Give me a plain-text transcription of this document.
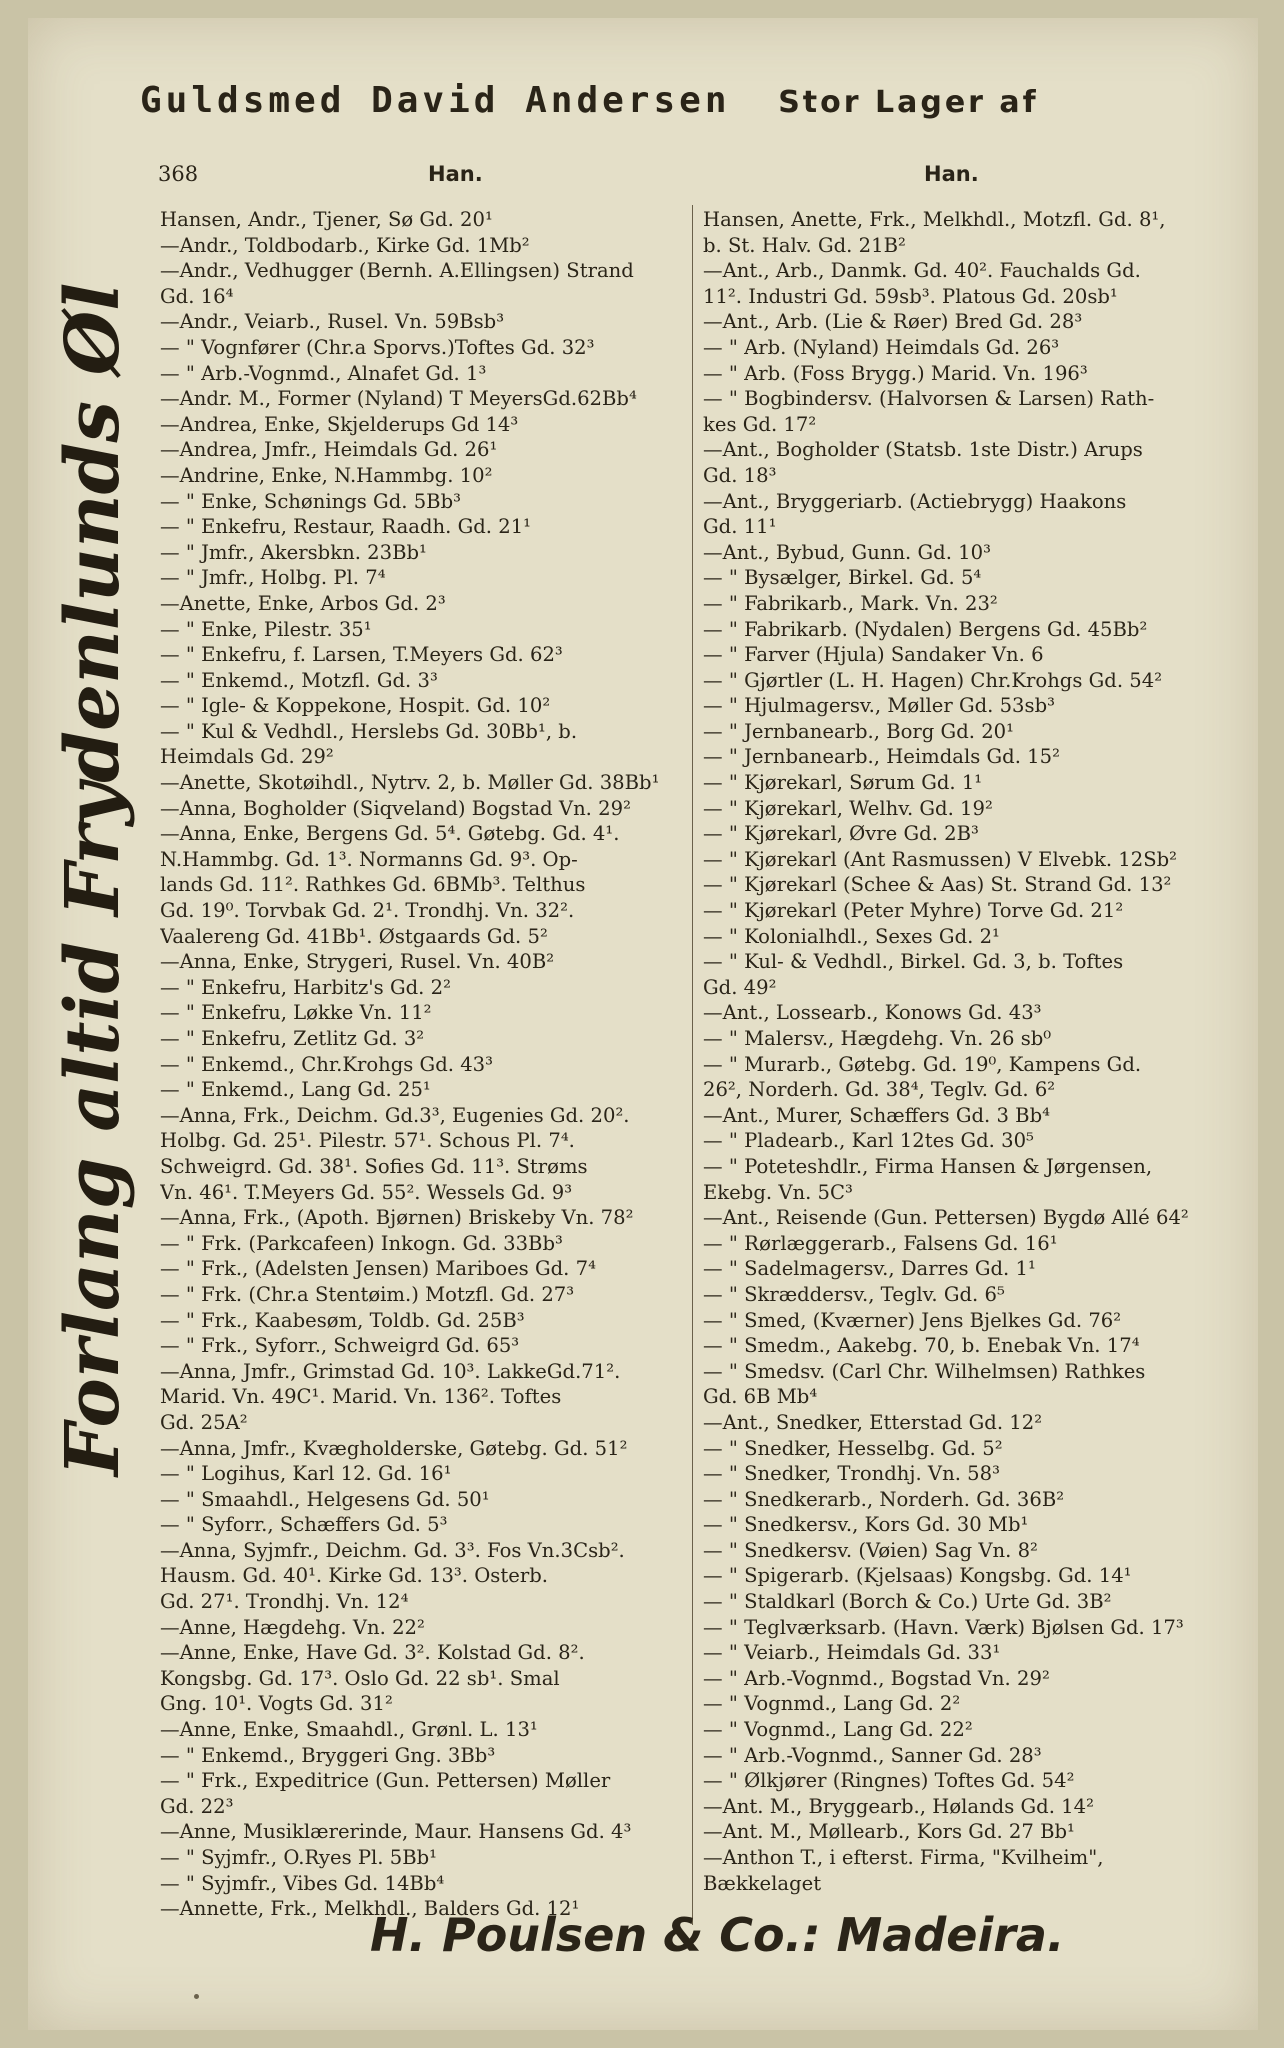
Guldsmed David Andersen Stor Lager af
368	Han.	Han.
Forlang altid Frydenlunds Øl
Hansen, Andr., Tjener, Sø Gd. 20¹
—Andr., Toldbodarb., Kirke Gd. 1Mb²
—Andr., Vedhugger (Bernh. A.Ellingsen) Strand
Gd. 16⁴
—Andr., Veiarb., Rusel. Vn. 59Bsb³
— " Vognfører (Chr.a Sporvs.)Toftes Gd. 32³
— " Arb.-Vognmd., Alnafet Gd. 1³
—Andr. M., Former (Nyland) T MeyersGd.62Bb⁴
—Andrea, Enke, Skjelderups Gd 14³
—Andrea, Jmfr., Heimdals Gd. 26¹
—Andrine, Enke, N.Hammbg. 10²
— " Enke, Schønings Gd. 5Bb³
— " Enkefru, Restaur, Raadh. Gd. 21¹
— " Jmfr., Akersbkn. 23Bb¹
— " Jmfr., Holbg. Pl. 7⁴
—Anette, Enke, Arbos Gd. 2³
— " Enke, Pilestr. 35¹
— " Enkefru, f. Larsen, T.Meyers Gd. 62³
— " Enkemd., Motzfl. Gd. 3³
— " Igle- & Koppekone, Hospit. Gd. 10²
— " Kul & Vedhdl., Herslebs Gd. 30Bb¹, b.
Heimdals Gd. 29²
—Anette, Skotøihdl., Nytrv. 2, b. Møller Gd. 38Bb¹
—Anna, Bogholder (Siqveland) Bogstad Vn. 29²
—Anna, Enke, Bergens Gd. 5⁴. Gøtebg. Gd. 4¹.
N.Hammbg. Gd. 1³. Normanns Gd. 9³. Op-
lands Gd. 11². Rathkes Gd. 6BMb³. Telthus
Gd. 19⁰. Torvbak Gd. 2¹. Trondhj. Vn. 32².
Vaalereng Gd. 41Bb¹. Østgaards Gd. 5²
—Anna, Enke, Strygeri, Rusel. Vn. 40B²
— " Enkefru, Harbitz's Gd. 2²
— " Enkefru, Løkke Vn. 11²
— " Enkefru, Zetlitz Gd. 3²
— " Enkemd., Chr.Krohgs Gd. 43³
— " Enkemd., Lang Gd. 25¹
—Anna, Frk., Deichm. Gd.3³, Eugenies Gd. 20².
Holbg. Gd. 25¹. Pilestr. 57¹. Schous Pl. 7⁴.
Schweigrd. Gd. 38¹. Sofies Gd. 11³. Strøms
Vn. 46¹. T.Meyers Gd. 55². Wessels Gd. 9³
—Anna, Frk., (Apoth. Bjørnen) Briskeby Vn. 78²
— " Frk. (Parkcafeen) Inkogn. Gd. 33Bb³
— " Frk., (Adelsten Jensen) Mariboes Gd. 7⁴
— " Frk. (Chr.a Stentøim.) Motzfl. Gd. 27³
— " Frk., Kaabesøm, Toldb. Gd. 25B³
— " Frk., Syforr., Schweigrd Gd. 65³
—Anna, Jmfr., Grimstad Gd. 10³. LakkeGd.71².
Marid. Vn. 49C¹. Marid. Vn. 136². Toftes
Gd. 25A²
—Anna, Jmfr., Kvægholderske, Gøtebg. Gd. 51²
— " Logihus, Karl 12. Gd. 16¹
— " Smaahdl., Helgesens Gd. 50¹
— " Syforr., Schæffers Gd. 5³
—Anna, Syjmfr., Deichm. Gd. 3³. Fos Vn.3Csb².
Hausm. Gd. 40¹. Kirke Gd. 13³. Osterb.
Gd. 27¹. Trondhj. Vn. 12⁴
—Anne, Hægdehg. Vn. 22²
—Anne, Enke, Have Gd. 3². Kolstad Gd. 8².
Kongsbg. Gd. 17³. Oslo Gd. 22 sb¹. Smal
Gng. 10¹. Vogts Gd. 31²
—Anne, Enke, Smaahdl., Grønl. L. 13¹
— " Enkemd., Bryggeri Gng. 3Bb³
— " Frk., Expeditrice (Gun. Pettersen) Møller
Gd. 22³
—Anne, Musiklærerinde, Maur. Hansens Gd. 4³
— " Syjmfr., O.Ryes Pl. 5Bb¹
— " Syjmfr., Vibes Gd. 14Bb⁴
—Annette, Frk., Melkhdl., Balders Gd. 12¹
Hansen, Anette, Frk., Melkhdl., Motzfl. Gd. 8¹,
b. St. Halv. Gd. 21B²
—Ant., Arb., Danmk. Gd. 40². Fauchalds Gd.
11². Industri Gd. 59sb³. Platous Gd. 20sb¹
—Ant., Arb. (Lie & Røer) Bred Gd. 28³
— " Arb. (Nyland) Heimdals Gd. 26³
— " Arb. (Foss Brygg.) Marid. Vn. 196³
— " Bogbindersv. (Halvorsen & Larsen) Rath-
kes Gd. 17²
—Ant., Bogholder (Statsb. 1ste Distr.) Arups
Gd. 18³
—Ant., Bryggeriarb. (Actiebrygg) Haakons
Gd. 11¹
—Ant., Bybud, Gunn. Gd. 10³
— " Bysælger, Birkel. Gd. 5⁴
— " Fabrikarb., Mark. Vn. 23²
— " Fabrikarb. (Nydalen) Bergens Gd. 45Bb²
— " Farver (Hjula) Sandaker Vn. 6
— " Gjørtler (L. H. Hagen) Chr.Krohgs Gd. 54²
— " Hjulmagersv., Møller Gd. 53sb³
— " Jernbanearb., Borg Gd. 20¹
— " Jernbanearb., Heimdals Gd. 15²
— " Kjørekarl, Sørum Gd. 1¹
— " Kjørekarl, Welhv. Gd. 19²
— " Kjørekarl, Øvre Gd. 2B³
— " Kjørekarl (Ant Rasmussen) V Elvebk. 12Sb²
— " Kjørekarl (Schee & Aas) St. Strand Gd. 13²
— " Kjørekarl (Peter Myhre) Torve Gd. 21²
— " Kolonialhdl., Sexes Gd. 2¹
— " Kul- & Vedhdl., Birkel. Gd. 3, b. Toftes
Gd. 49²
—Ant., Lossearb., Konows Gd. 43³
— " Malersv., Hægdehg. Vn. 26 sb⁰
— " Murarb., Gøtebg. Gd. 19⁰, Kampens Gd.
26², Norderh. Gd. 38⁴, Teglv. Gd. 6²
—Ant., Murer, Schæffers Gd. 3 Bb⁴
— " Pladearb., Karl 12tes Gd. 30⁵
— " Poteteshdlr., Firma Hansen & Jørgensen,
Ekebg. Vn. 5C³
—Ant., Reisende (Gun. Pettersen) Bygdø Allé 64²
— " Rørlæggerarb., Falsens Gd. 16¹
— " Sadelmagersv., Darres Gd. 1¹
— " Skræddersv., Teglv. Gd. 6⁵
— " Smed, (Kværner) Jens Bjelkes Gd. 76²
— " Smedm., Aakebg. 70, b. Enebak Vn. 17⁴
— " Smedsv. (Carl Chr. Wilhelmsen) Rathkes
Gd. 6B Mb⁴
—Ant., Snedker, Etterstad Gd. 12²
— " Snedker, Hesselbg. Gd. 5²
— " Snedker, Trondhj. Vn. 58³
— " Snedkerarb., Norderh. Gd. 36B²
— " Snedkersv., Kors Gd. 30 Mb¹
— " Snedkersv. (Vøien) Sag Vn. 8²
— " Spigerarb. (Kjelsaas) Kongsbg. Gd. 14¹
— " Staldkarl (Borch & Co.) Urte Gd. 3B²
— " Teglværksarb. (Havn. Værk) Bjølsen Gd. 17³
— " Veiarb., Heimdals Gd. 33¹
— " Arb.-Vognmd., Bogstad Vn. 29²
— " Vognmd., Lang Gd. 2²
— " Vognmd., Lang Gd. 22²
— " Arb.-Vognmd., Sanner Gd. 28³
— " Ølkjører (Ringnes) Toftes Gd. 54²
—Ant. M., Bryggearb., Hølands Gd. 14²
—Ant. M., Møllearb., Kors Gd. 27 Bb¹
—Anthon T., i efterst. Firma, "Kvilheim",
Bækkelaget
H. Poulsen & Co.: Madeira.
